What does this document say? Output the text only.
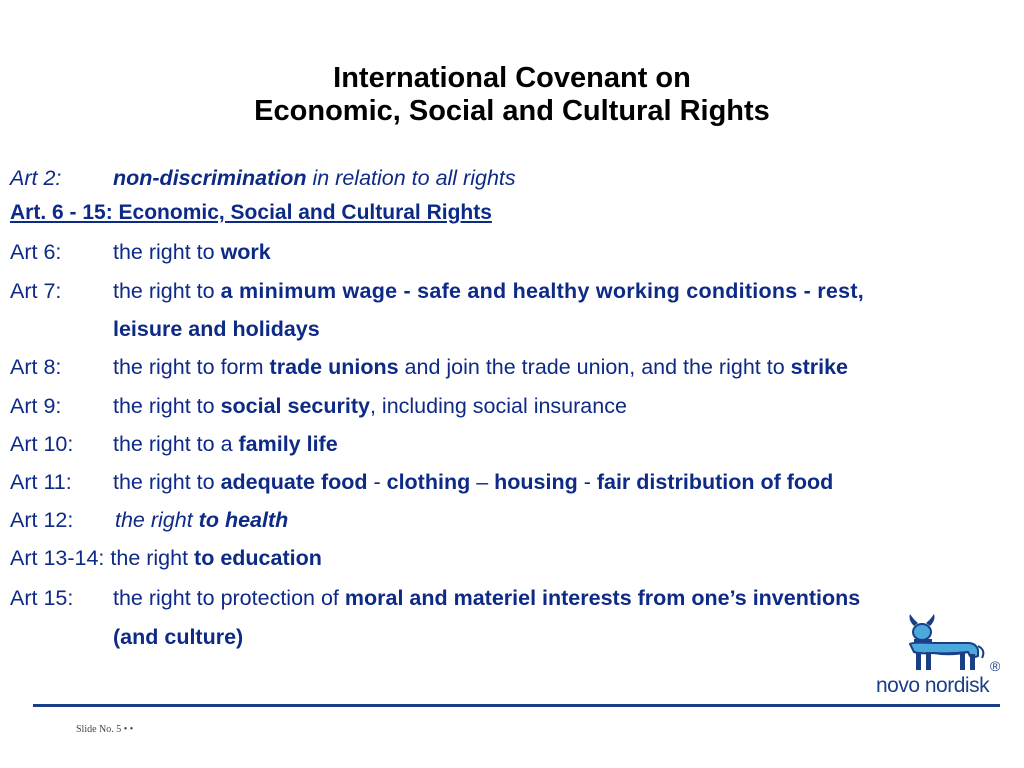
International Covenant on
Economic, Social and Cultural Rights
Art 2: non-discrimination in relation to all rights
Art. 6 - 15: Economic, Social and Cultural Rights
Art 6: the right to work
Art 7: the right to a minimum wage - safe and healthy working conditions - rest,
leisure and holidays
Art 8: the right to form trade unions and join the trade union, and the right to strike
Art 9: the right to social security, including social insurance
Art 10: the right to a family life
Art 11: the right to adequate food - clothing – housing - fair distribution of food
Art 12: the right to health
Art 13-14: the right to education
Art 15: the right to protection of moral and materiel interests from one’s inventions
(and culture)
novo nordisk
®
Slide No. 5 • •
